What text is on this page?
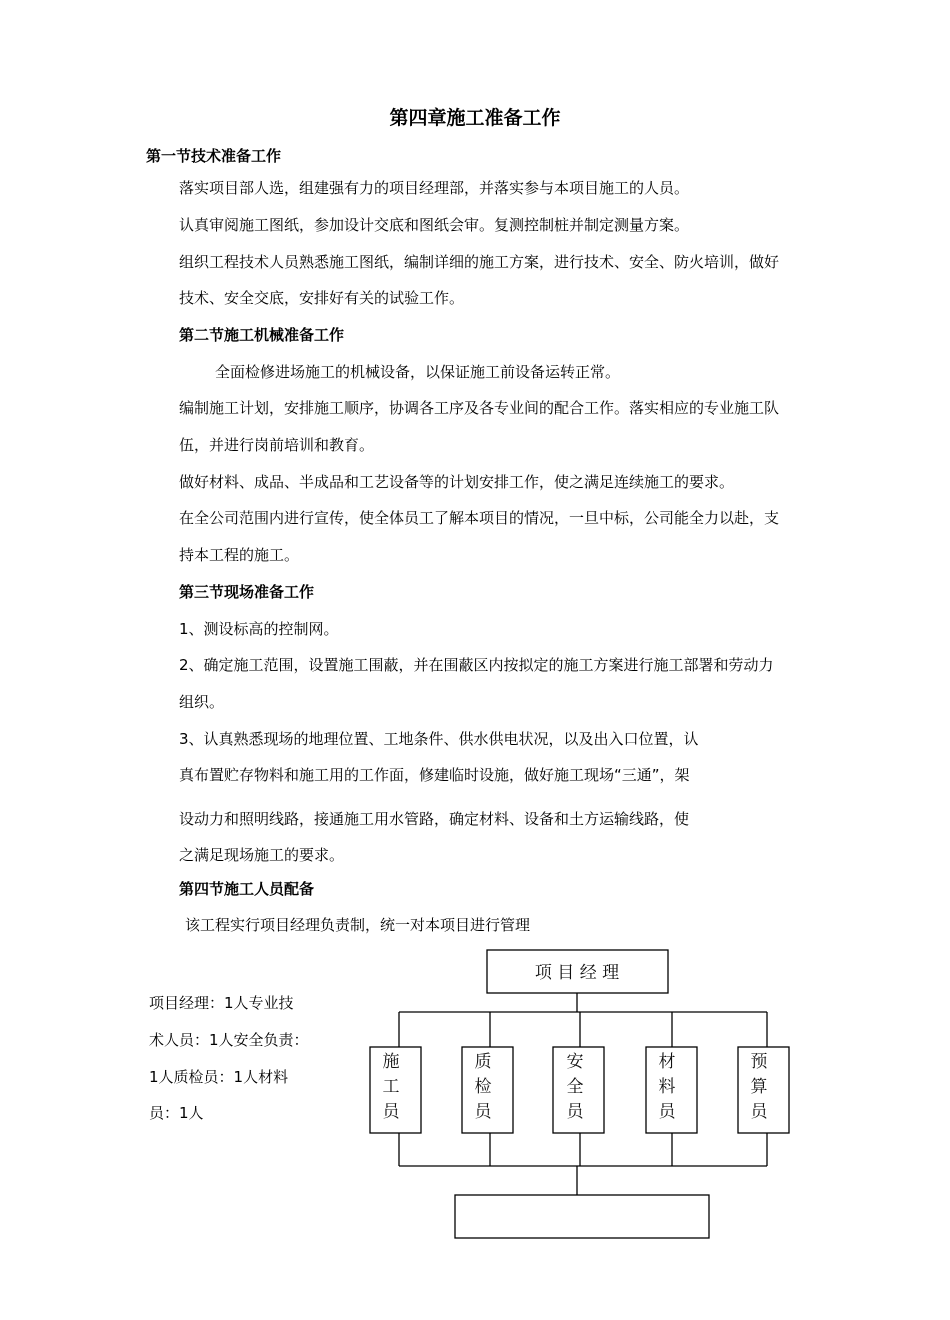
第四章施工准备工作
第一节技术准备工作
落实项目部人选，组建强有力的项目经理部，并落实参与本项目施工的人员。
认真审阅施工图纸，参加设计交底和图纸会审。复测控制桩并制定测量方案。
组织工程技术人员熟悉施工图纸，编制详细的施工方案，进行技术、安全、防火培训，做好
技术、安全交底，安排好有关的试验工作。
第二节施工机械准备工作
全面检修进场施工的机械设备，以保证施工前设备运转正常。
编制施工计划，安排施工顺序，协调各工序及各专业间的配合工作。落实相应的专业施工队
伍，并进行岗前培训和教育。
做好材料、成品、半成品和工艺设备等的计划安排工作，使之满足连续施工的要求。
在全公司范围内进行宣传，使全体员工了解本项目的情况，一旦中标，公司能全力以赴，支
持本工程的施工。
第三节现场准备工作
1、测设标高的控制网。
2、确定施工范围，设置施工围蔽，并在围蔽区内按拟定的施工方案进行施工部署和劳动力
组织。
3、认真熟悉现场的地理位置、工地条件、供水供电状况，以及出入口位置，认
真布置贮存物料和施工用的工作面，修建临时设施，做好施工现场“三通”，架
设动力和照明线路，接通施工用水管路，确定材料、设备和土方运输线路，使
之满足现场施工的要求。
第四节施工人员配备
该工程实行项目经理负责制，统一对本项目进行管理
项目经理：1人专业技
术人员：1人安全负责：
1人质检员：1人材料
员：1人
项 目 经 理
施
工
员
质
检
员
安
全
员
材
料
员
预
算
员
